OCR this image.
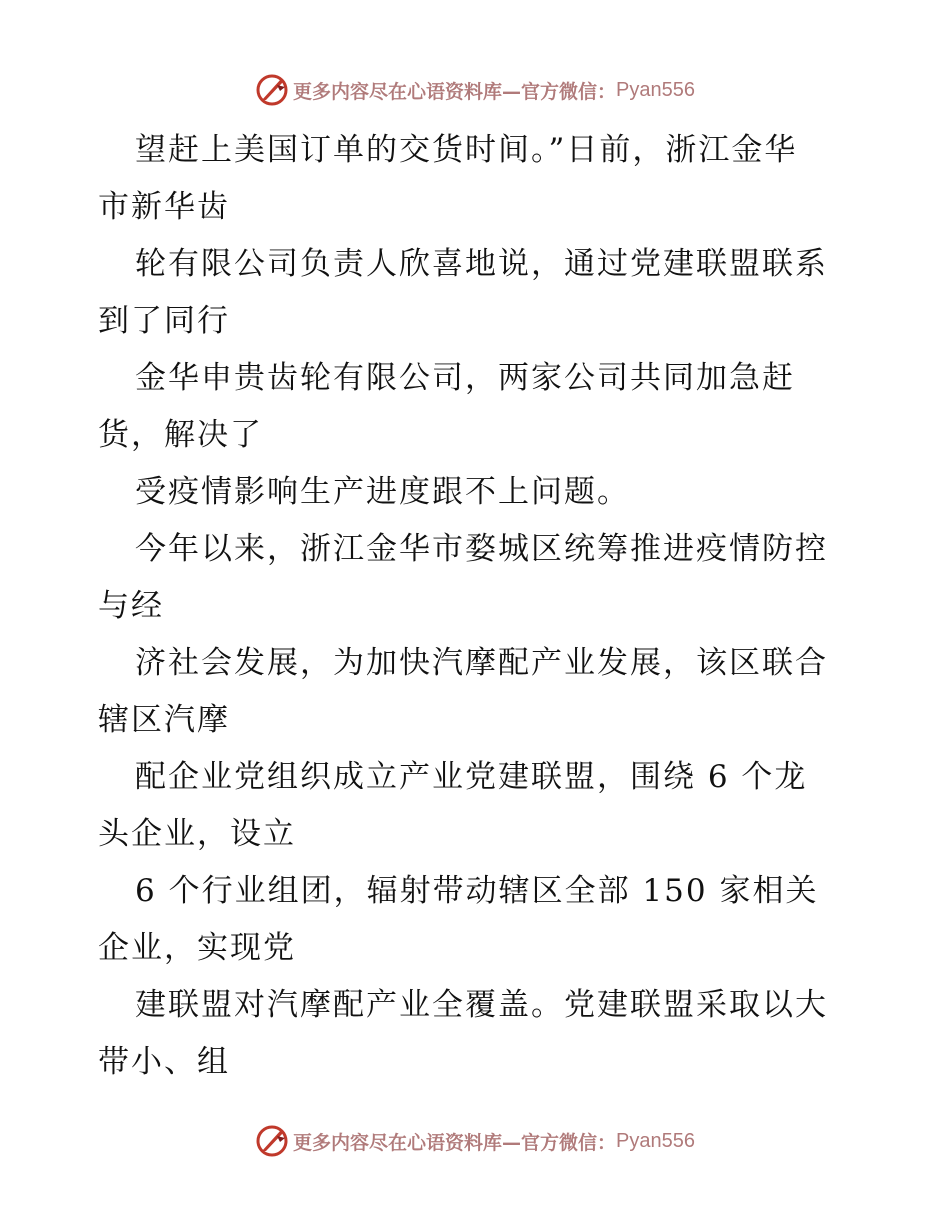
更多内容尽在心语资料库—官方微信： Pyan556

望赶上美国订单的交货时间。”日前，浙江金华

市新华齿

轮有限公司负责人欣喜地说，通过党建联盟联系

到了同行

金华申贵齿轮有限公司，两家公司共同加急赶

货，解决了

受疫情影响生产进度跟不上问题。

今年以来，浙江金华市婺城区统筹推进疫情防控

与经

济社会发展，为加快汽摩配产业发展，该区联合

辖区汽摩

配企业党组织成立产业党建联盟，围绕 6 个龙

头企业，设立

6 个行业组团，辐射带动辖区全部 150 家相关

企业，实现党

建联盟对汽摩配产业全覆盖。党建联盟采取以大

带小、组

更多内容尽在心语资料库—官方微信： Pyan556
